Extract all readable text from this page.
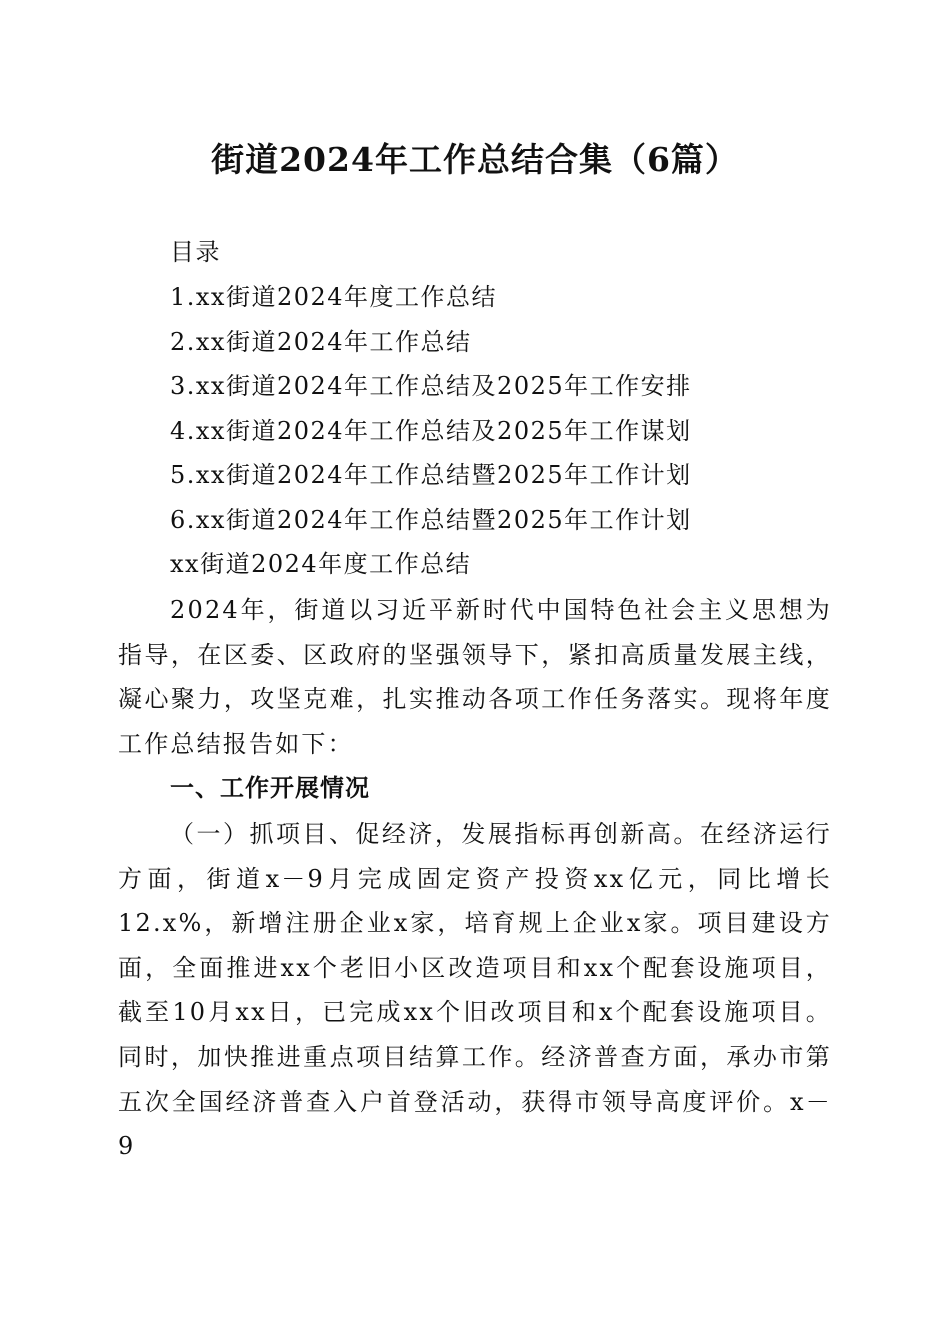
街道2024年工作总结合集（6篇）
目录
1.xx街道2024年度工作总结
2.xx街道2024年工作总结
3.xx街道2024年工作总结及2025年工作安排
4.xx街道2024年工作总结及2025年工作谋划
5.xx街道2024年工作总结暨2025年工作计划
6.xx街道2024年工作总结暨2025年工作计划
xx街道2024年度工作总结
2024年，街道以习近平新时代中国特色社会主义思想为指导，在区委、区政府的坚强领导下，紧扣高质量发展主线，凝心聚力，攻坚克难，扎实推动各项工作任务落实。现将年度工作总结报告如下：
一、工作开展情况
（一）抓项目、促经济，发展指标再创新高。在经济运行方面，街道x－9月完成固定资产投资xx亿元，同比增长12.x%，新增注册企业x家，培育规上企业x家。项目建设方面，全面推进xx个老旧小区改造项目和xx个配套设施项目，截至10月xx日，已完成xx个旧改项目和x个配套设施项目。同时，加快推进重点项目结算工作。经济普查方面，承办市第五次全国经济普查入户首登活动，获得市领导高度评价。x－9
